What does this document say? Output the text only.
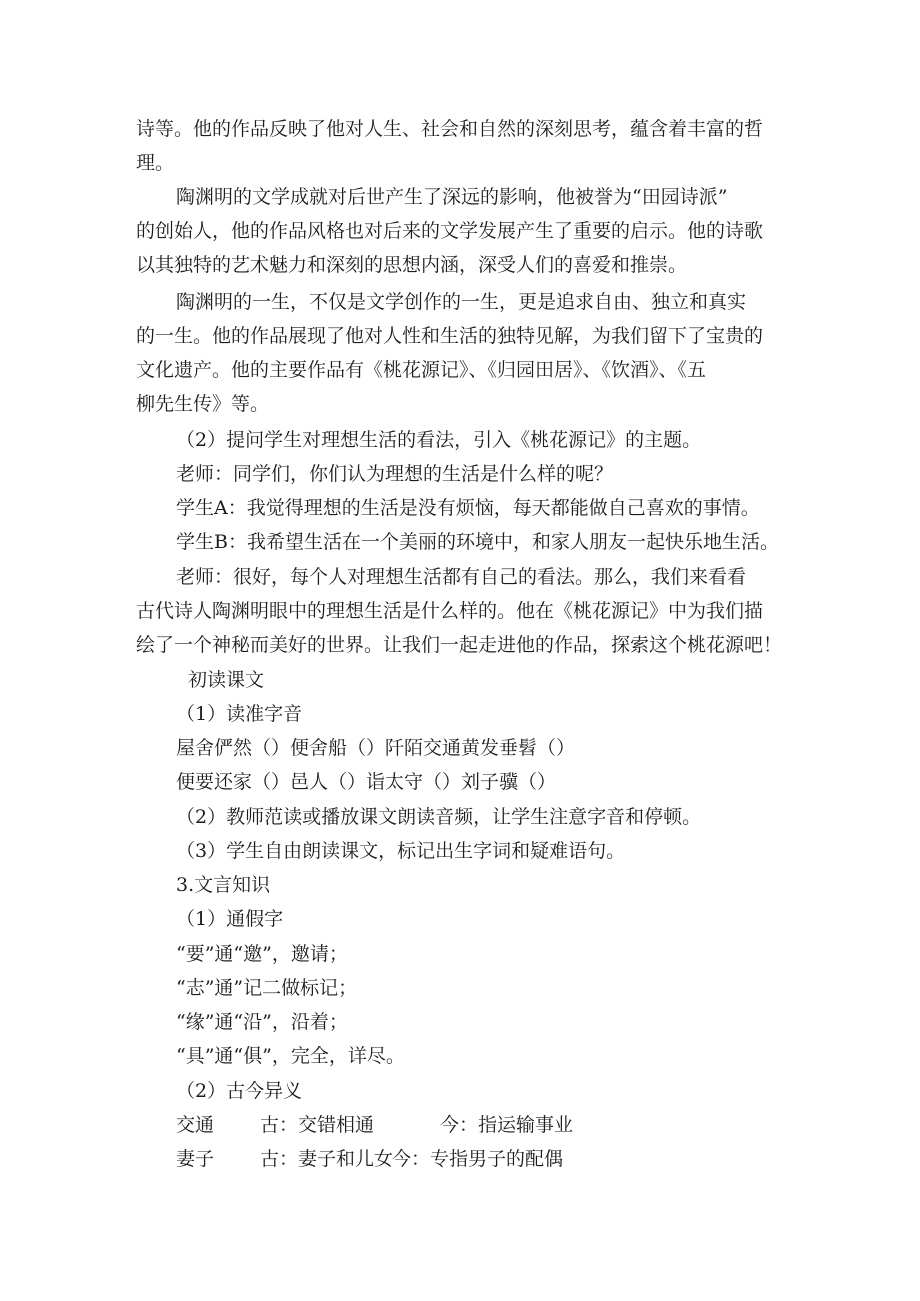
诗等。他的作品反映了他对人生、社会和自然的深刻思考，蕴含着丰富的哲
理。
陶渊明的文学成就对后世产生了深远的影响，他被誉为“田园诗派”
的创始人，他的作品风格也对后来的文学发展产生了重要的启示。他的诗歌
以其独特的艺术魅力和深刻的思想内涵，深受人们的喜爱和推崇。
陶渊明的一生，不仅是文学创作的一生，更是追求自由、独立和真实
的一生。他的作品展现了他对人性和生活的独特见解，为我们留下了宝贵的
文化遗产。他的主要作品有《桃花源记》、《归园田居》、《饮酒》、《五
柳先生传》等。
（2）提问学生对理想生活的看法，引入《桃花源记》的主题。
老师：同学们，你们认为理想的生活是什么样的呢？
学生A：我觉得理想的生活是没有烦恼，每天都能做自己喜欢的事情。
学生B：我希望生活在一个美丽的环境中，和家人朋友一起快乐地生活。
老师：很好，每个人对理想生活都有自己的看法。那么，我们来看看
古代诗人陶渊明眼中的理想生活是什么样的。他在《桃花源记》中为我们描
绘了一个神秘而美好的世界。让我们一起走进他的作品，探索这个桃花源吧！
初读课文
（1）读准字音
屋舍俨然（）便舍船（）阡陌交通黄发垂髫（）
便要还家（）邑人（）诣太守（）刘子骥（）
（2）教师范读或播放课文朗读音频，让学生注意字音和停顿。
（3）学生自由朗读课文，标记出生字词和疑难语句。
3.文言知识
（1）通假字
“要”通“邀”，邀请；
“志”通”记二做标记；
“缘”通“沿”，沿着；
“具”通“俱”，完全，详尽。
（2）古今异义
交通 古：交错相通	今：指运输事业
妻子 古：妻子和儿女
今：专指男子的配偶
